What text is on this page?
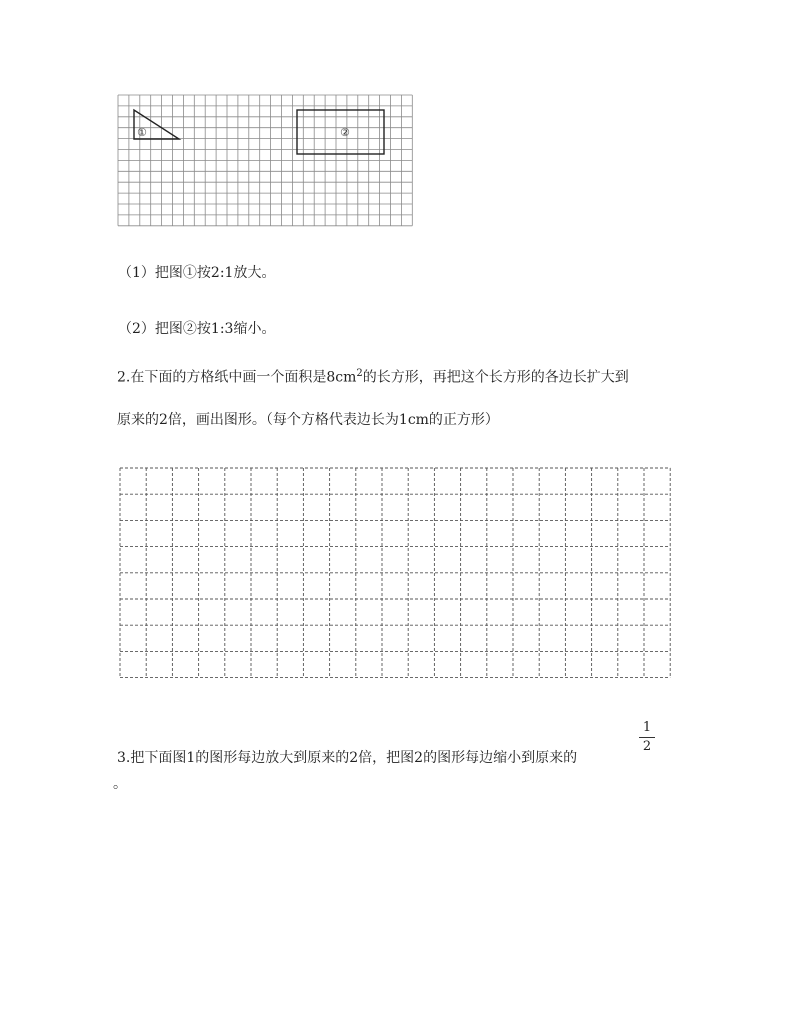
①	②
（1）把图①按2:1放大。
（2）把图②按1:3缩小。
2.在下面的方格纸中画一个面积是$8cm^2$的长方形，再把这个长方形的各边长扩大到
原来的2倍，画出图形。（每个方格代表边长为1cm的正方形）
3.把下面图1的图形每边放大到原来的2倍，把图2的图形每边缩小到原来的
1
2
。
